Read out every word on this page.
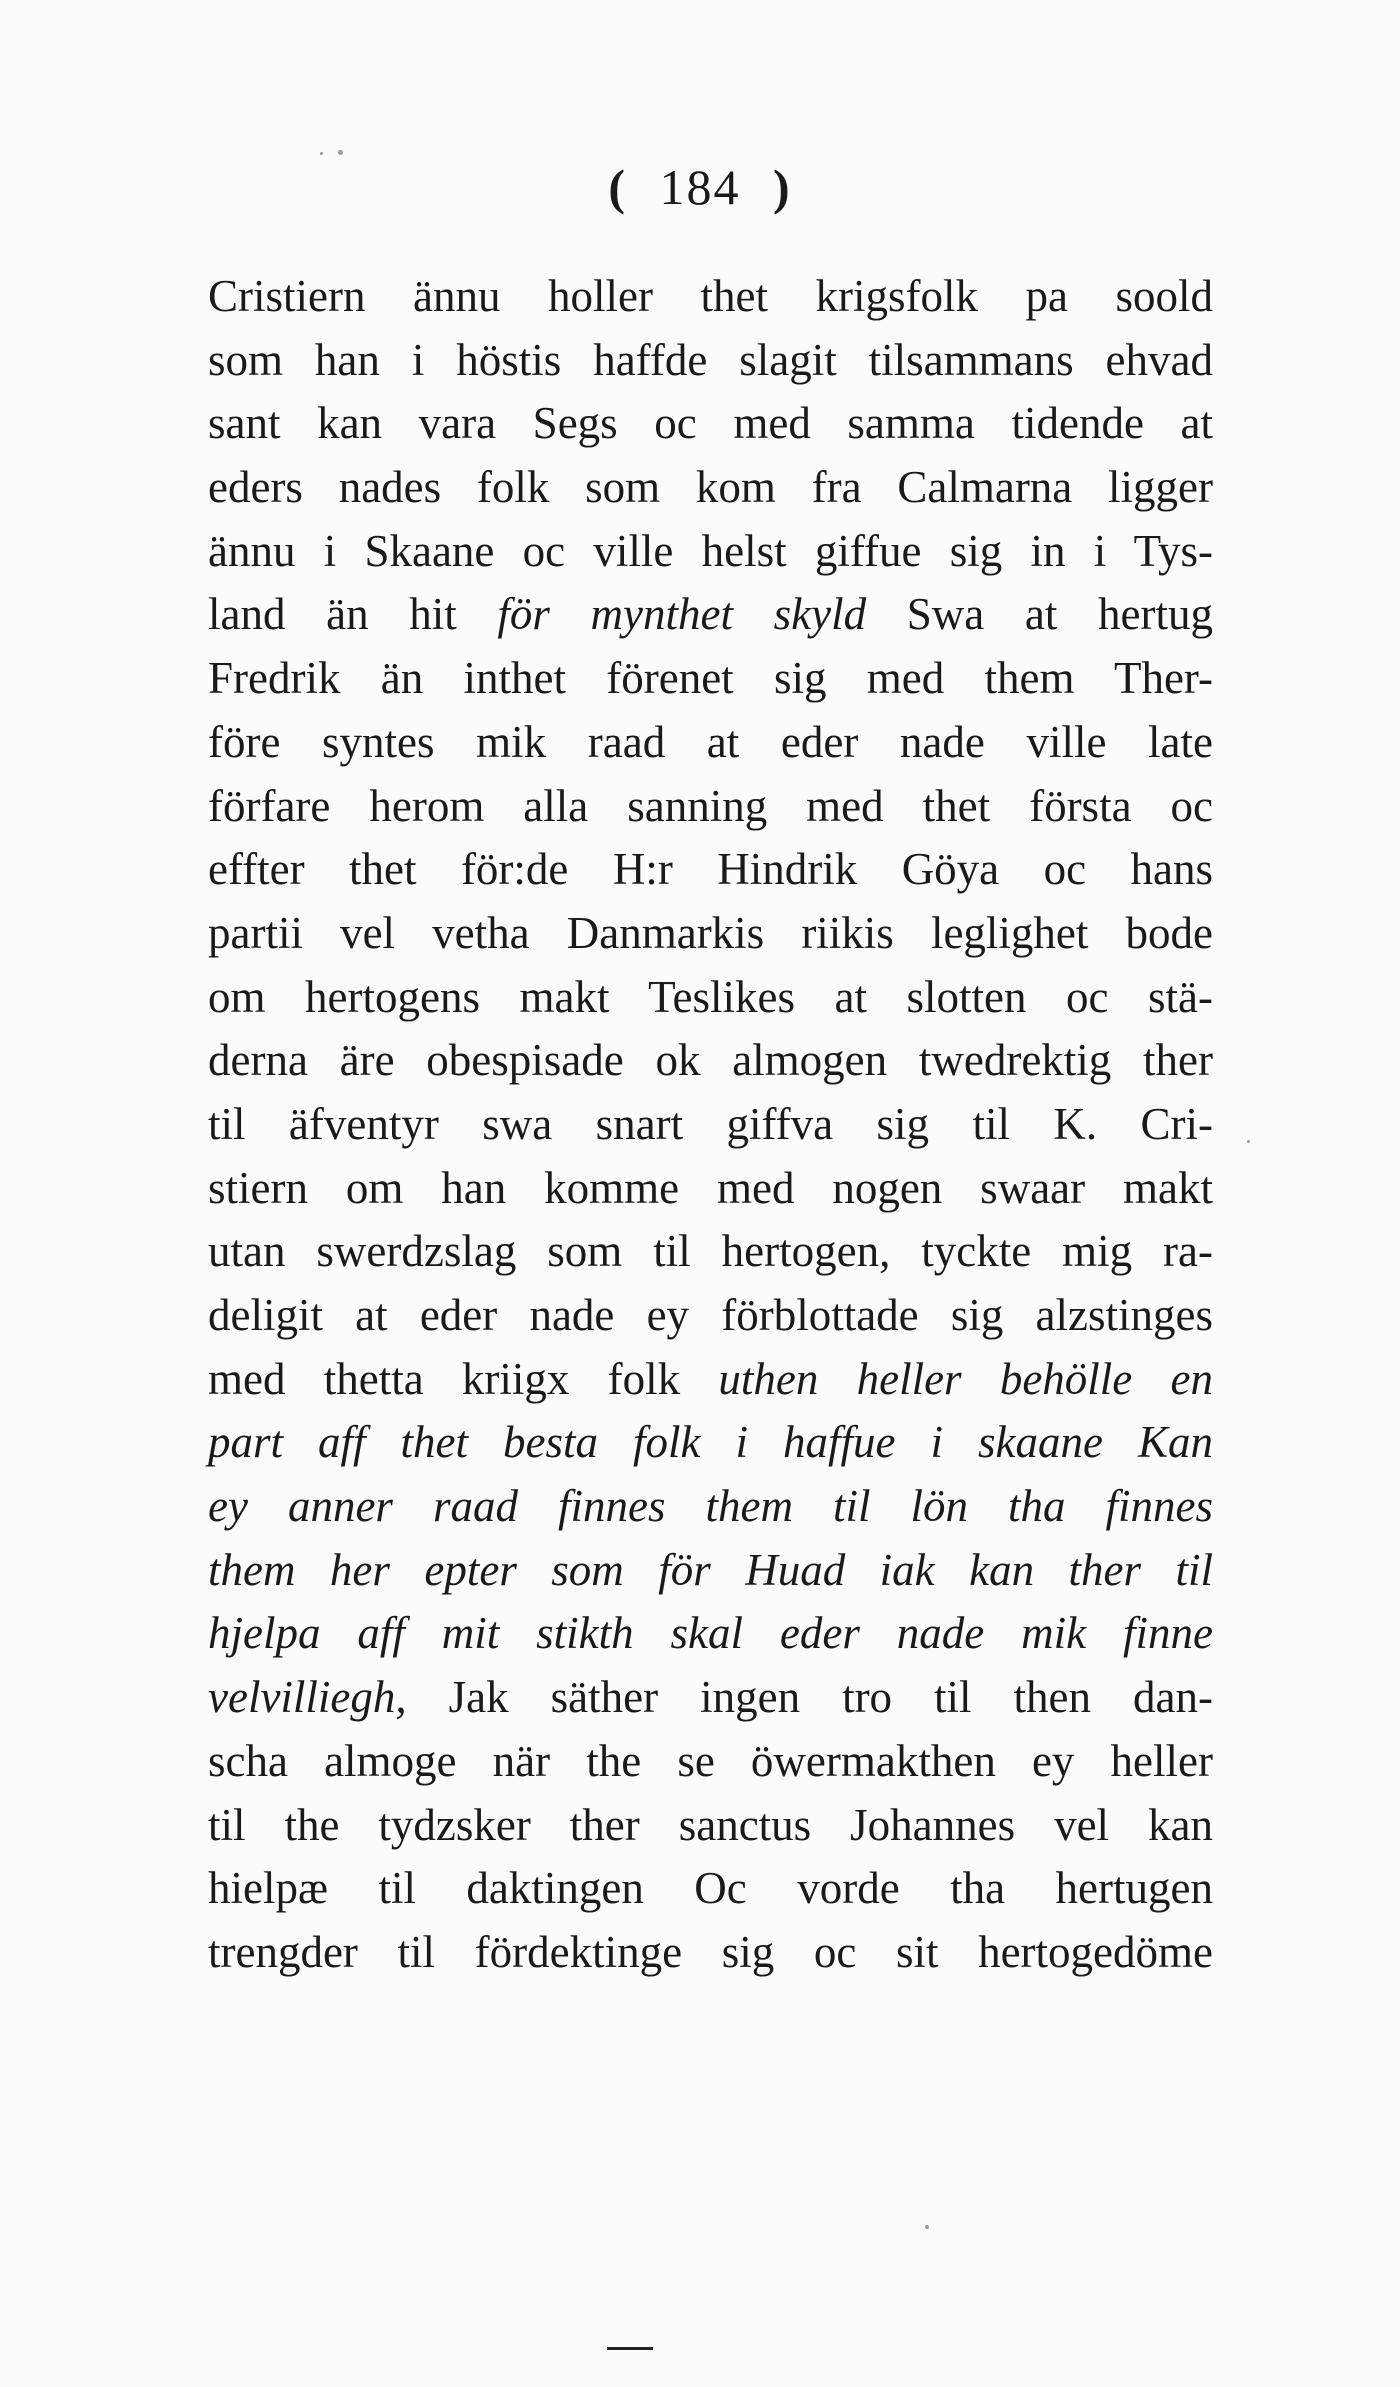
( 184 )
Cristiern ännu holler thet krigsfolk pa soold
som han i höstis haffde slagit tilsammans ehvad
sant kan vara Segs oc med samma tidende at
eders nades folk som kom fra Calmarna ligger
ännu i Skaane oc ville helst giffue sig in i Tys-
land än hit för mynthet skyld Swa at hertug
Fredrik än inthet förenet sig med them Ther-
före syntes mik raad at eder nade ville late
förfare herom alla sanning med thet första oc
effter thet för:de H:r Hindrik Göya oc hans
partii vel vetha Danmarkis riikis leglighet bode
om hertogens makt Teslikes at slotten oc stä-
derna äre obespisade ok almogen twedrektig ther
til äfventyr swa snart giffva sig til K. Cri-
stiern om han komme med nogen swaar makt
utan swerdzslag som til hertogen, tyckte mig ra-
deligit at eder nade ey förblottade sig alzstinges
med thetta kriigx folk uthen heller behölle en
part aff thet besta folk i haffue i skaane Kan
ey anner raad finnes them til lön tha finnes
them her epter som för Huad iak kan ther til
hjelpa aff mit stikth skal eder nade mik finne
velvilliegh, Jak säther ingen tro til then dan-
scha almoge när the se öwermakthen ey heller
til the tydzsker ther sanctus Johannes vel kan
hielpæ til daktingen Oc vorde tha hertugen
trengder til fördektinge sig oc sit hertogedöme
